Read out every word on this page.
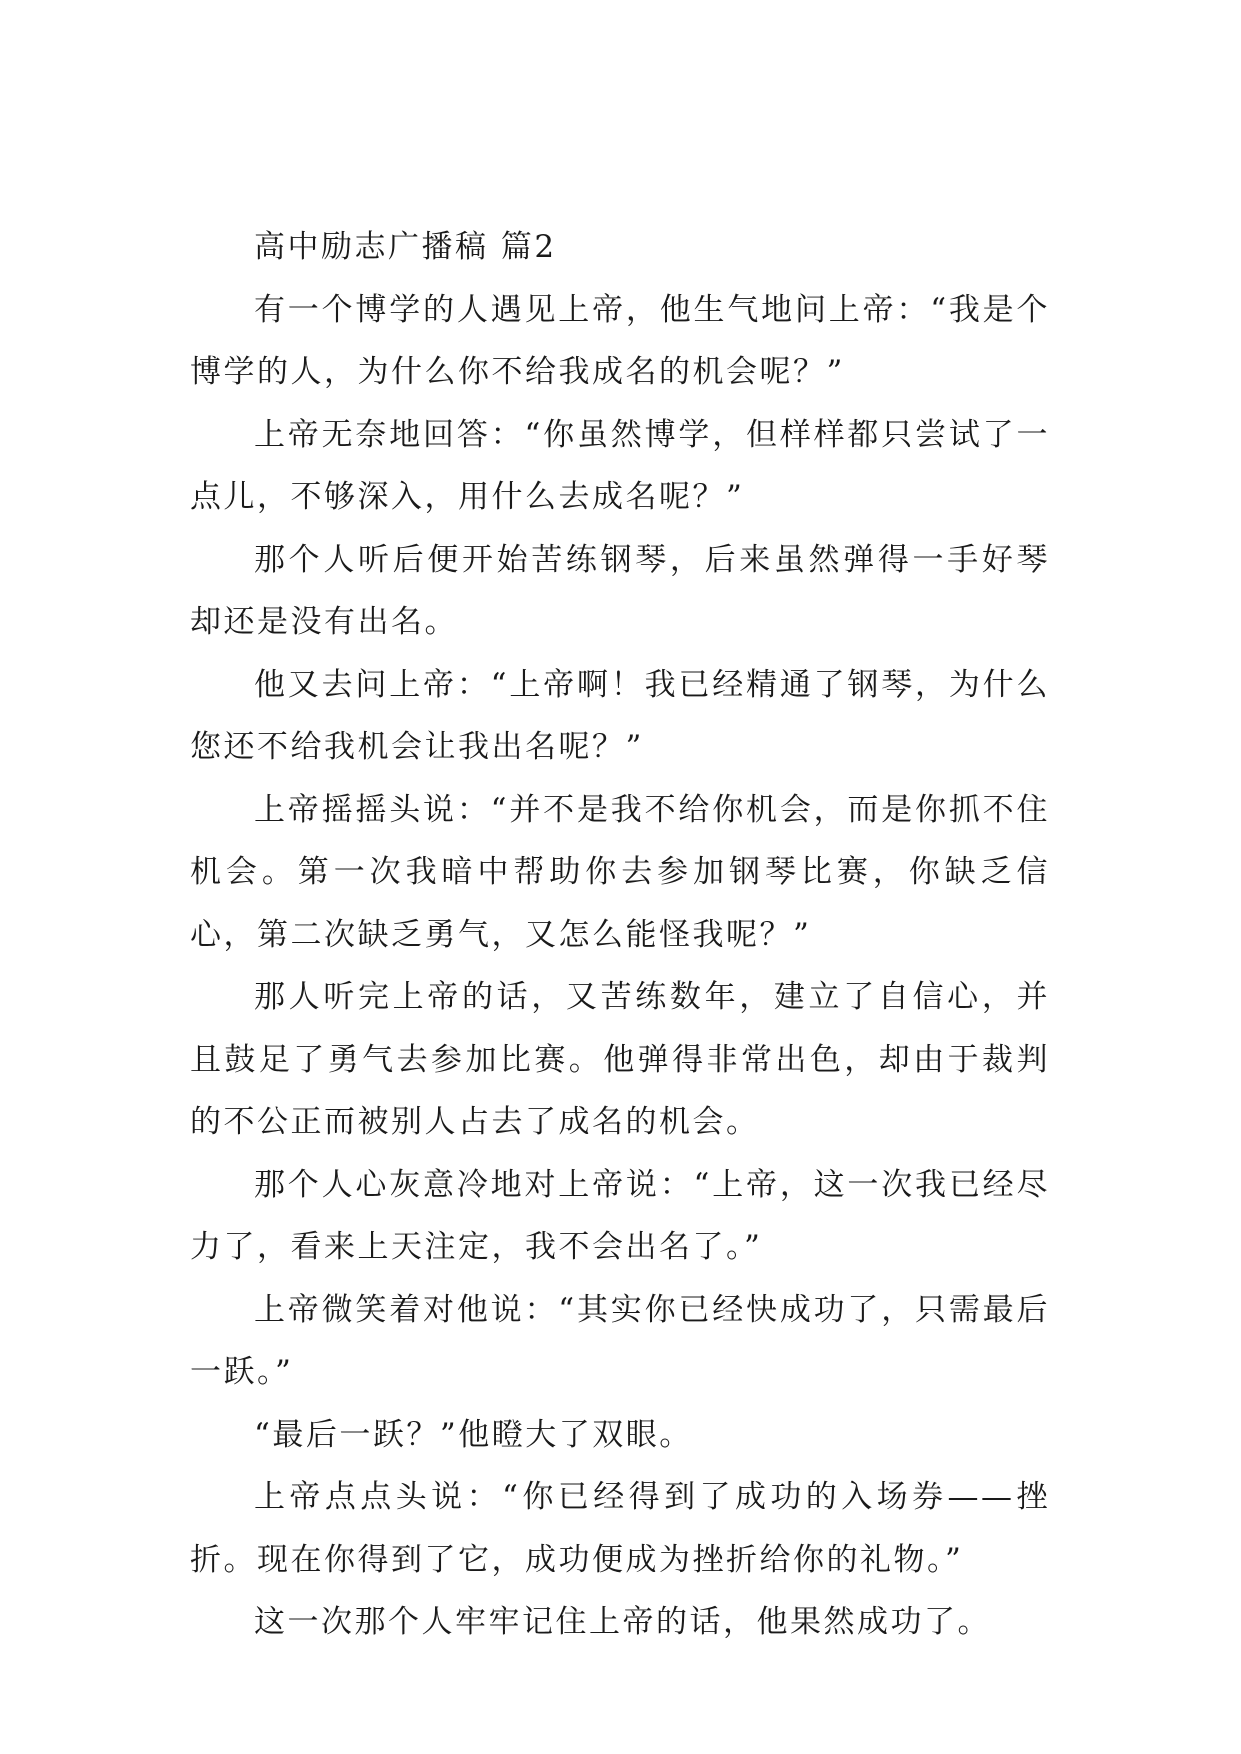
高中励志广播稿 篇2

有一个博学的人遇见上帝，他生气地问上帝：“我是个博学的人，为什么你不给我成名的机会呢？”

上帝无奈地回答：“你虽然博学，但样样都只尝试了一点儿，不够深入，用什么去成名呢？”

那个人听后便开始苦练钢琴，后来虽然弹得一手好琴却还是没有出名。

他又去问上帝：“上帝啊！我已经精通了钢琴，为什么您还不给我机会让我出名呢？”

上帝摇摇头说：“并不是我不给你机会，而是你抓不住机会。第一次我暗中帮助你去参加钢琴比赛，你缺乏信心，第二次缺乏勇气，又怎么能怪我呢？”

那人听完上帝的话，又苦练数年，建立了自信心，并且鼓足了勇气去参加比赛。他弹得非常出色，却由于裁判的不公正而被别人占去了成名的机会。

那个人心灰意冷地对上帝说：“上帝，这一次我已经尽力了，看来上天注定，我不会出名了。”

上帝微笑着对他说：“其实你已经快成功了，只需最后一跃。”

“最后一跃？”他瞪大了双眼。

上帝点点头说：“你已经得到了成功的入场券——挫折。现在你得到了它，成功便成为挫折给你的礼物。”

这一次那个人牢牢记住上帝的话，他果然成功了。
